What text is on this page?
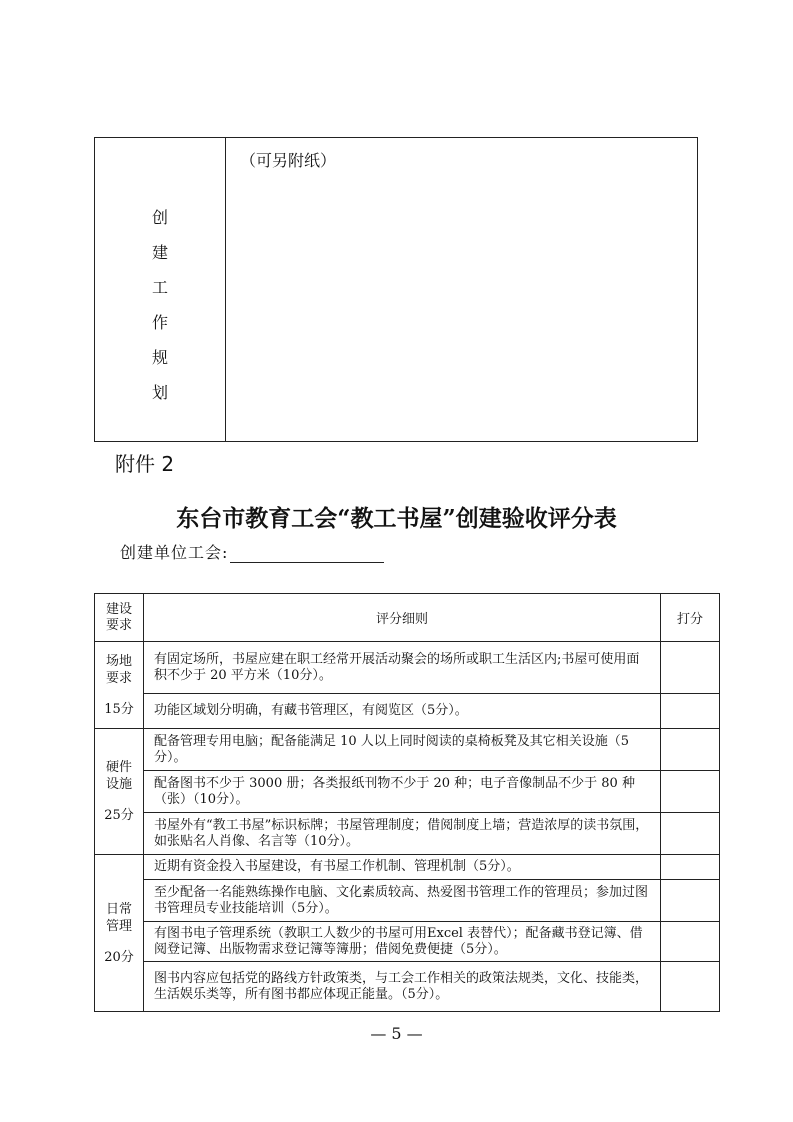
创
建
工
作
规
划
（可另附纸）
附件 2
东台市教育工会“教工书屋”创建验收评分表
创建单位工会:
建设
要求	评分细则	打分
场地
要求
15分	有固定场所，书屋应建在职工经常开展活动聚会的场所或职工生活区内;书屋可使用面积不少于 20 平方米（10分）。	
	功能区域划分明确，有藏书管理区，有阅览区（5分）。	
硬件
设施
25分	配备管理专用电脑；配备能满足 10 人以上同时阅读的桌椅板凳及其它相关设施（5分）。	
	配备图书不少于 3000 册；各类报纸刊物不少于 20 种；电子音像制品不少于 80 种（张）（10分）。	
	书屋外有“教工书屋”标识标牌；书屋管理制度；借阅制度上墙；营造浓厚的读书氛围，如张贴名人肖像、名言等（10分）。	
日常
管理
20分	近期有资金投入书屋建设，有书屋工作机制、管理机制（5分）。	
	至少配备一名能熟练操作电脑、文化素质较高、热爱图书管理工作的管理员；参加过图书管理员专业技能培训（5分）。	
	有图书电子管理系统（教职工人数少的书屋可用Excel 表替代）；配备藏书登记簿、借阅登记簿、出版物需求登记簿等簿册；借阅免费便捷（5分）。	
	图书内容应包括党的路线方针政策类，与工会工作相关的政策法规类，文化、技能类，生活娱乐类等，所有图书都应体现正能量。（5分）。	
— 5 —
